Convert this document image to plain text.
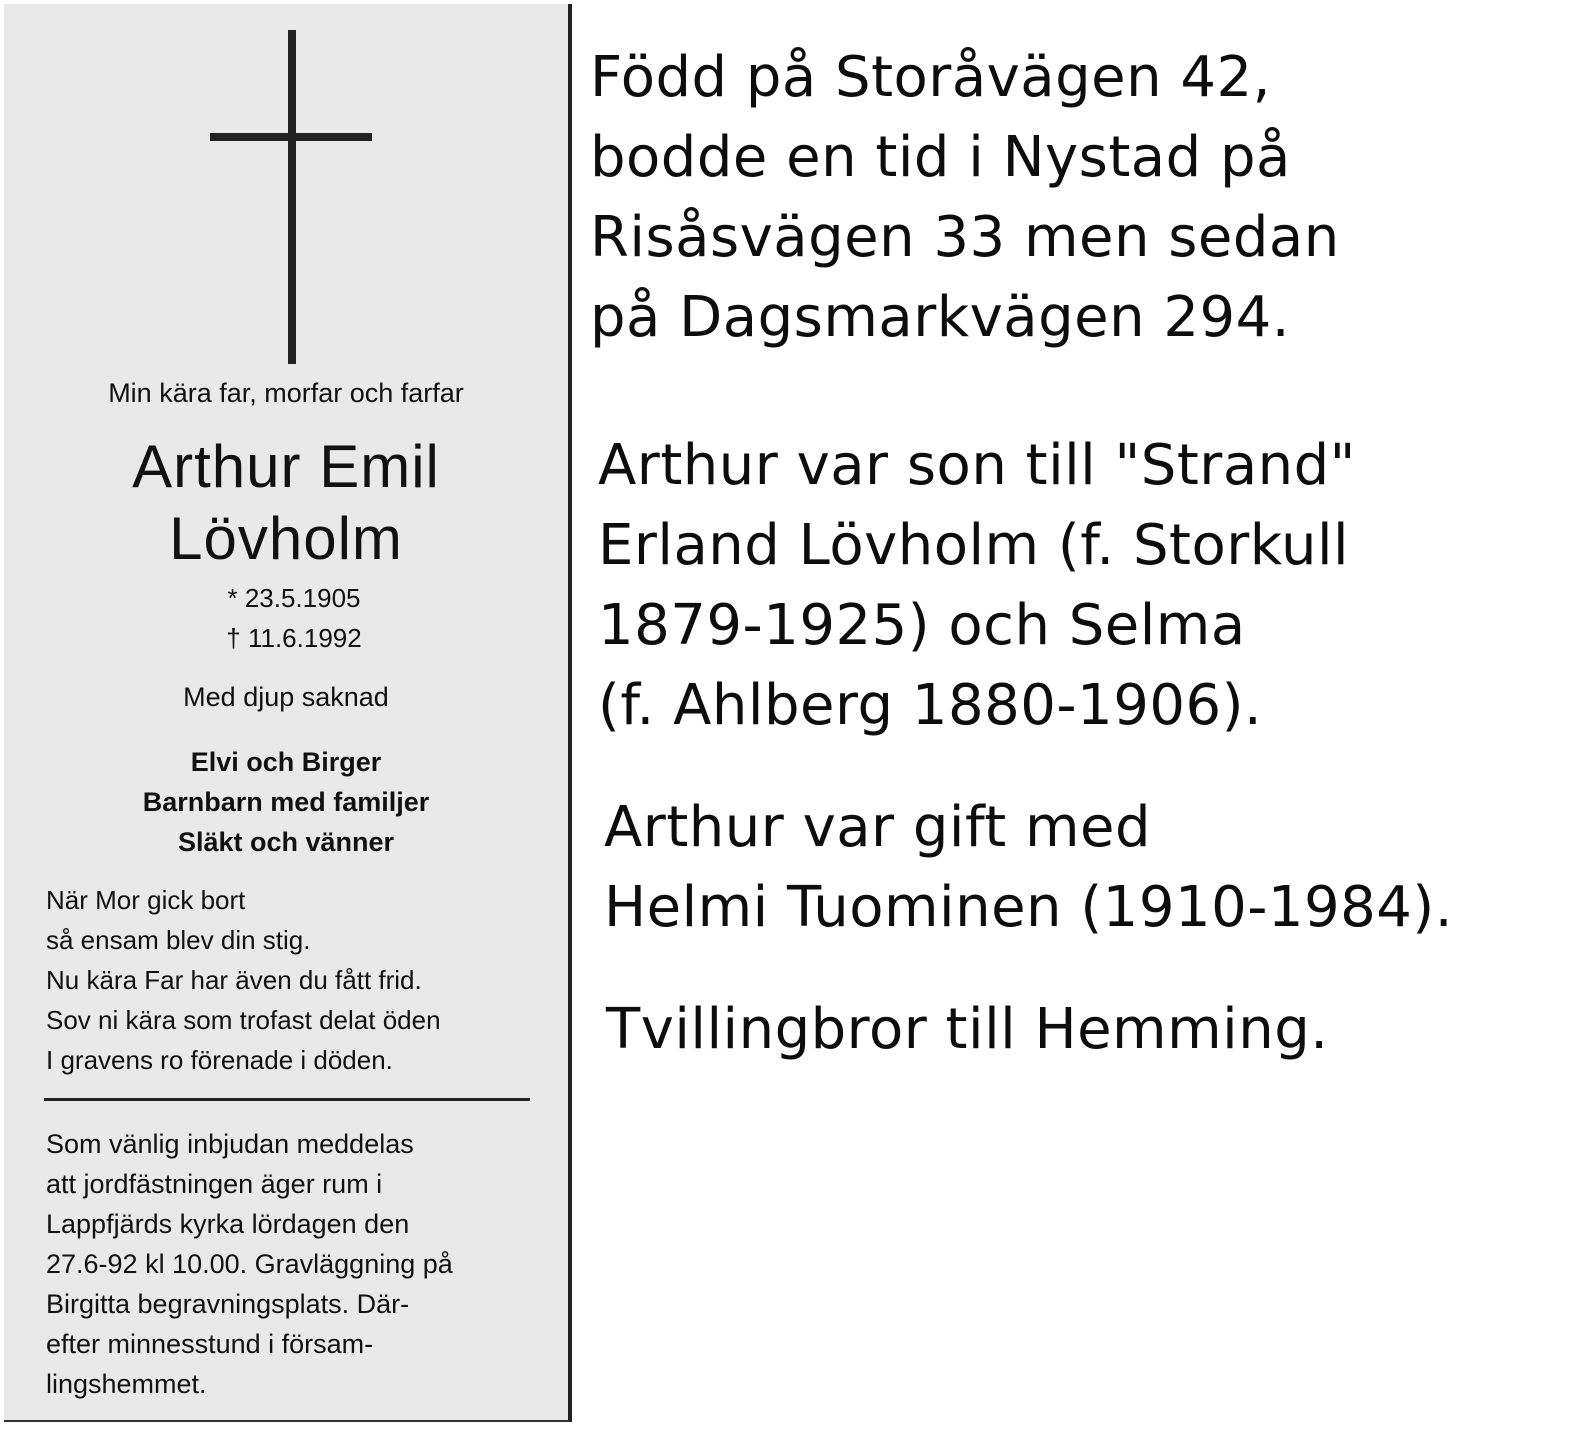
Min kära far, morfar och farfar
Arthur Emil
Lövholm
* 23.5.1905
† 11.6.1992
Med djup saknad
Elvi och Birger
Barnbarn med familjer
Släkt och vänner
När Mor gick bort
så ensam blev din stig.
Nu kära Far har även du fått frid.
Sov ni kära som trofast delat öden
I gravens ro förenade i döden.
Som vänlig inbjudan meddelas
att jordfästningen äger rum i
Lappfjärds kyrka lördagen den
27.6-92 kl 10.00. Gravläggning på
Birgitta begravningsplats. Där-
efter minnesstund i försam-
lingshemmet.
Född på Storåvägen 42,
bodde en tid i Nystad på
Risåsvägen 33 men sedan
på Dagsmarkvägen 294.
Arthur var son till "Strand"
Erland Lövholm (f. Storkull
1879-1925) och Selma
(f. Ahlberg 1880-1906).
Arthur var gift med
Helmi Tuominen (1910-1984).
Tvillingbror till Hemming.
